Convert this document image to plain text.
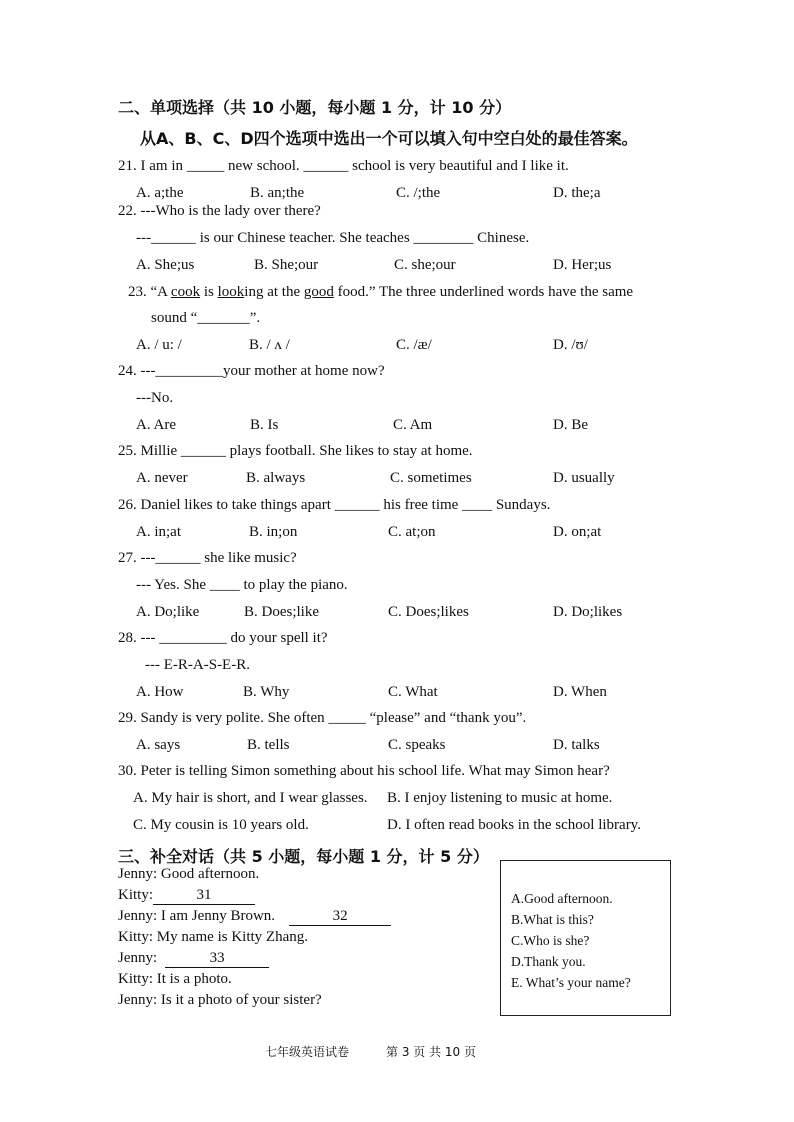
二、单项选择（共 10 小题，每小题 1 分，计 10 分）
从A、B、C、D四个选项中选出一个可以填入句中空白处的最佳答案。
21. I am in _____ new school. ______ school is very beautiful and I like it.
A. a;the	B. an;the	C. /;the	D. the;a
22. ---Who is the lady over there?
---______ is our Chinese teacher. She teaches ________ Chinese.
A. She;us	B. She;our	C. she;our	D. Her;us
23. “A cook is looking at the good food.” The three underlined words have the same
sound “_______”.
A. / u: /	B. / ʌ /	C. /æ/	D. /ʊ/
24. ---_________your mother at home now?
---No.
A. Are	B. Is	C. Am	D. Be
25. Millie ______ plays football. She likes to stay at home.
A. never	B. always	C. sometimes	D. usually
26. Daniel likes to take things apart ______ his free time ____ Sundays.
A. in;at	B. in;on	C. at;on	D. on;at
27. ---______ she like music?
--- Yes. She ____ to play the piano.
A. Do;like	B. Does;like	C. Does;likes	D. Do;likes
28. --- _________ do your spell it?
--- E-R-A-S-E-R.
A. How	B. Why	C. What	D. When
29. Sandy is very polite. She often _____ “please” and “thank you”.
A. says	B. tells	C. speaks	D. talks
30. Peter is telling Simon something about his school life. What may Simon hear?
A. My hair is short, and I wear glasses. B. I enjoy listening to music at home.
C. My cousin is 10 years old.	D. I often read books in the school library.
三、补全对话（共 5 小题，每小题 1 分，计 5 分）
Jenny: Good afternoon.
Kitty:	31
Jenny: I am Jenny Brown.	32
Kitty: My name is Kitty Zhang.
Jenny:	33
Kitty: It is a photo.
Jenny: Is it a photo of your sister?
A.Good afternoon.
B.What is this?
C.Who is she?
D.Thank you.
E. What’s your name?
七年级英语试卷	第 3 页 共 10 页
